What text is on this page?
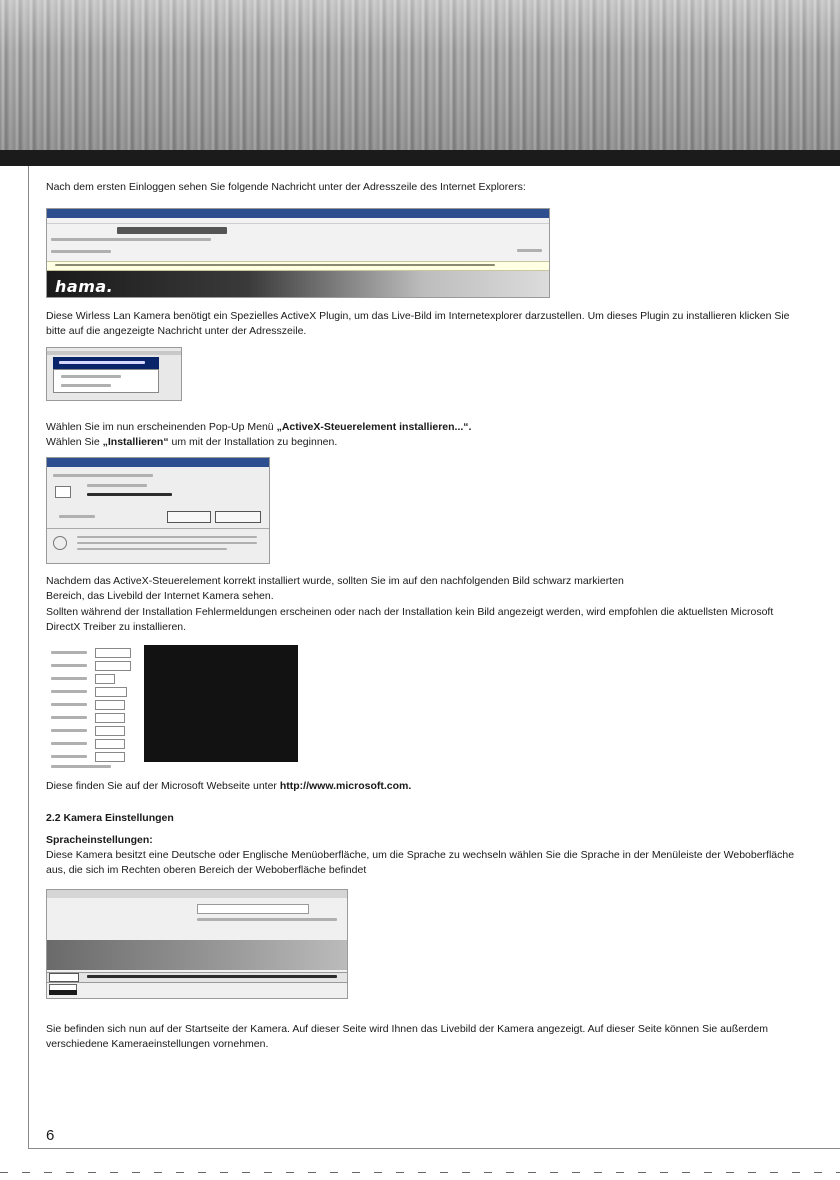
Nach dem ersten Einloggen sehen Sie folgende Nachricht unter der Adresszeile des Internet Explorers:

hama.

Diese Wirless Lan Kamera benötigt ein Spezielles ActiveX Plugin, um das Live-Bild im Internetexplorer darzustellen. Um dieses Plugin zu installieren klicken Sie bitte auf die angezeigte Nachricht unter der Adresszeile.

Wählen Sie im nun erscheinenden Pop-Up Menü „ActiveX-Steuerelement installieren...“.

Wählen Sie „Installieren“ um mit der Installation zu beginnen.

Nachdem das ActiveX-Steuerelement korrekt installiert wurde, sollten Sie im auf den nachfolgenden Bild schwarz markierten
Bereich, das Livebild der Internet Kamera sehen.

Sollten während der Installation Fehlermeldungen erscheinen oder nach der Installation kein Bild angezeigt werden, wird empfohlen die aktuellsten Microsoft DirectX Treiber zu installieren.

Diese finden Sie auf der Microsoft Webseite unter http://www.microsoft.com.

2.2 Kamera Einstellungen

Spracheinstellungen:

Diese Kamera besitzt eine Deutsche oder Englische Menüoberfläche, um die Sprache zu wechseln wählen Sie die Sprache in der Menüleiste der Weboberfläche aus, die sich im Rechten oberen Bereich der Weboberfläche befindet

Sie befinden sich nun auf der Startseite der Kamera. Auf dieser Seite wird Ihnen das Livebild der Kamera angezeigt. Auf dieser Seite können Sie außerdem verschiedene Kameraeinstellungen vornehmen.

6
